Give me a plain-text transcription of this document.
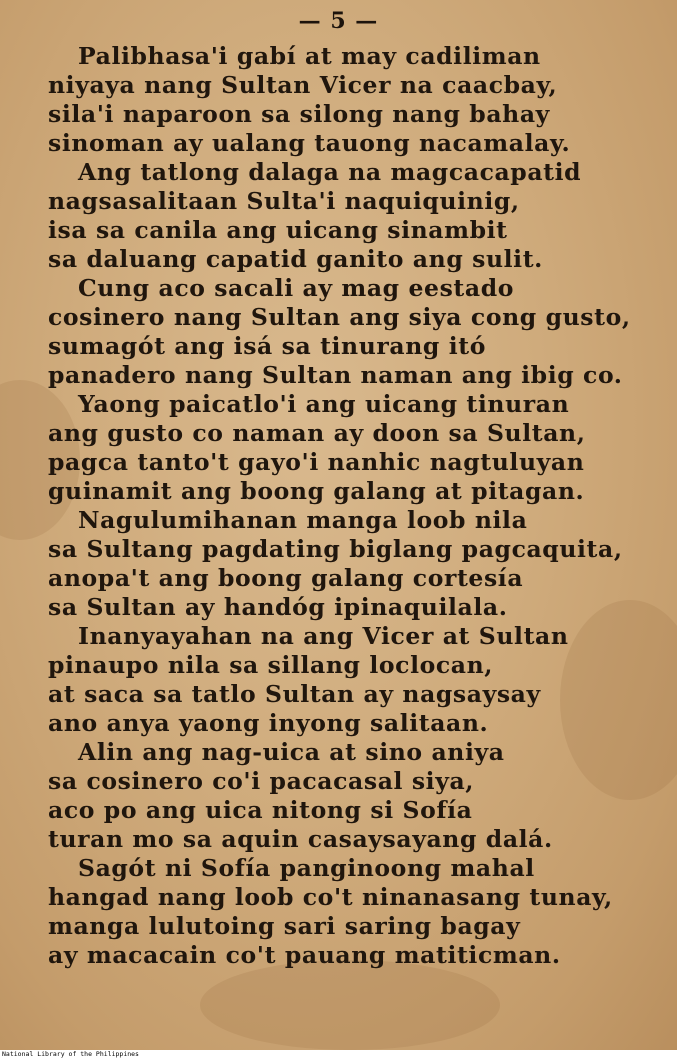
— 5 —
Palibhasa'i gabí at may cadiliman
niyaya nang Sultan Vicer na caacbay,
sila'i naparoon sa silong nang bahay
sinoman ay ualang tauong nacamalay.
Ang tatlong dalaga na magcacapatid
nagsasalitaan Sulta'i naquiquinig,
isa sa canila ang uicang sinambit
sa daluang capatid ganito ang sulit.
Cung aco sacali ay mag eestado
cosinero nang Sultan ang siya cong gusto,
sumagót ang isá sa tinurang itó
panadero nang Sultan naman ang ibig co.
Yaong paicatlo'i ang uicang tinuran
ang gusto co naman ay doon sa Sultan,
pagca tanto't gayo'i nanhic nagtuluyan
guinamit ang boong galang at pitagan.
Nagulumihanan manga loob nila
sa Sultang pagdating biglang pagcaquita,
anopa't ang boong galang cortesía
sa Sultan ay handóg ipinaquilala.
Inanyayahan na ang Vicer at Sultan
pinaupo nila sa sillang loclocan,
at saca sa tatlo Sultan ay nagsaysay
ano anya yaong inyong salitaan.
Alin ang nag-uica at sino aniya
sa cosinero co'i pacacasal siya,
aco po ang uica nitong si Sofía
turan mo sa aquin casaysayang dalá.
Sagót ni Sofía panginoong mahal
hangad nang loob co't ninanasang tunay,
manga lulutoing sari saring bagay
ay macacain co't pauang matiticman.
National Library of the Philippines
